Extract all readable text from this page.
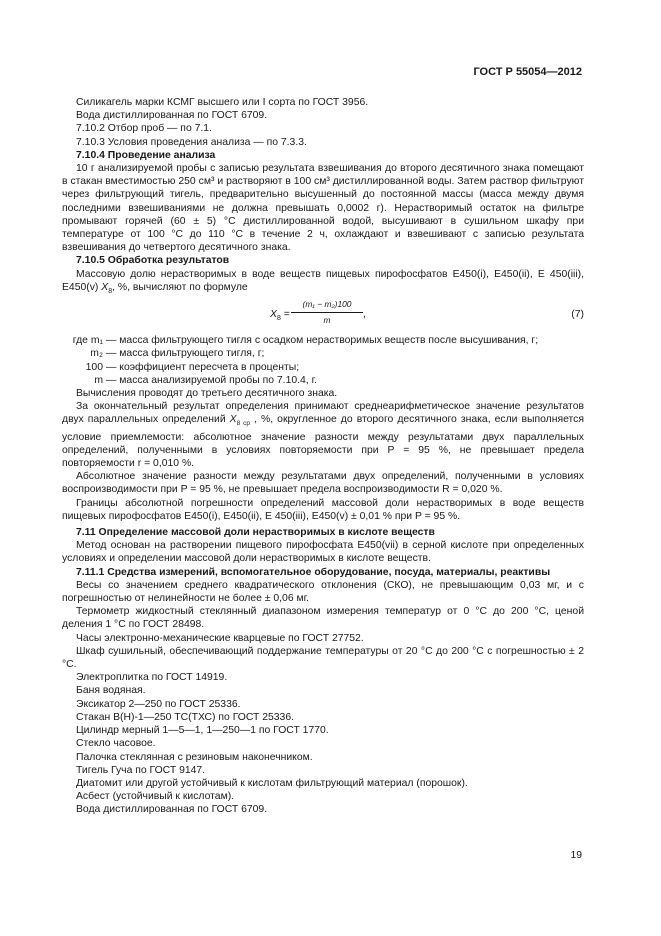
ГОСТ Р 55054—2012

Силикагель марки КСМГ высшего или I сорта по ГОСТ 3956.

Вода дистиллированная по ГОСТ 6709.

7.10.2 Отбор проб — по 7.1.

7.10.3 Условия проведения анализа — по 7.3.3.

7.10.4 Проведение анализа

10 г анализируемой пробы с записью результата взвешивания до второго десятичного знака помещают в стакан вместимостью 250 см³ и растворяют в 100 см³ дистиллированной воды. Затем раствор фильтруют через фильтрующий тигель, предварительно высушенный до постоянной массы (масса между двумя последними взвешиваниями не должна превышать 0,0002 г). Нерастворимый остаток на фильтре промывают горячей (60 ± 5) °С дистиллированной водой, высушивают в сушильном шкафу при температуре от 100 °С до 110 °С в течение 2 ч, охлаждают и взвешивают с записью результата взвешивания до четвертого десятичного знака.

7.10.5 Обработка результатов

Массовую долю нерастворимых в воде веществ пищевых пирофосфатов Е450(i), Е450(ii), Е 450(iii), Е450(v) $X_8$, %, вычисляют по формуле

$X_8 = \frac{\text{(m₁ − m₂)100}}{m}$ ,	(7)
где m₁ — масса фильтрующего тигля с осадком нерастворимых веществ после высушивания, г;
m₂ — масса фильтрующего тигля, г;
100 — коэффициент пересчета в проценты;
m — масса анализируемой пробы по 7.10.4, г.

Вычисления проводят до третьего десятичного знака.

За окончательный результат определения принимают среднеарифметическое значение результатов двух параллельных определений $X_{8 ср}$ , %, округленное до второго десятичного знака, если выполняется условие приемлемости: абсолютное значение разности между результатами двух параллельных определений, полученными в условиях повторяемости при P = 95 %, не превышает предела повторяемости r = 0,010 %.

Абсолютное значение разности между результатами двух определений, полученными в условиях воспроизводимости при P = 95 %, не превышает предела воспроизводимости R = 0,020 %.

Границы абсолютной погрешности определений массовой доли нерастворимых в воде веществ пищевых пирофосфатов Е450(i), Е450(ii), Е 450(iii), Е450(v) ± 0,01 % при P = 95 %.

7.11 Определение массовой доли нерастворимых в кислоте веществ

Метод основан на растворении пищевого пирофосфата Е450(vii) в серной кислоте при определенных условиях и определении массовой доли нерастворимых в кислоте веществ.

7.11.1 Средства измерений, вспомогательное оборудование, посуда, материалы, реактивы

Весы со значением среднего квадратического отклонения (СКО), не превышающим 0,03 мг, и с погрешностью от нелинейности не более ± 0,06 мг.

Термометр жидкостный стеклянный диапазоном измерения температур от 0 °С до 200 °С, ценой деления 1 °С по ГОСТ 28498.

Часы электронно-механические кварцевые по ГОСТ 27752.

Шкаф сушильный, обеспечивающий поддержание температуры от 20 °С до 200 °С с погрешностью ± 2 °С.

Электроплитка по ГОСТ 14919.

Баня водяная.

Эксикатор 2—250 по ГОСТ 25336.

Стакан В(Н)-1—250 ТС(ТХС) по ГОСТ 25336.

Цилиндр мерный 1—5—1, 1—250—1 по ГОСТ 1770.

Стекло часовое.

Палочка стеклянная с резиновым наконечником.

Тигель Гуча по ГОСТ 9147.

Диатомит или другой устойчивый к кислотам фильтрующий материал (порошок).

Асбест (устойчивый к кислотам).

Вода дистиллированная по ГОСТ 6709.

19
